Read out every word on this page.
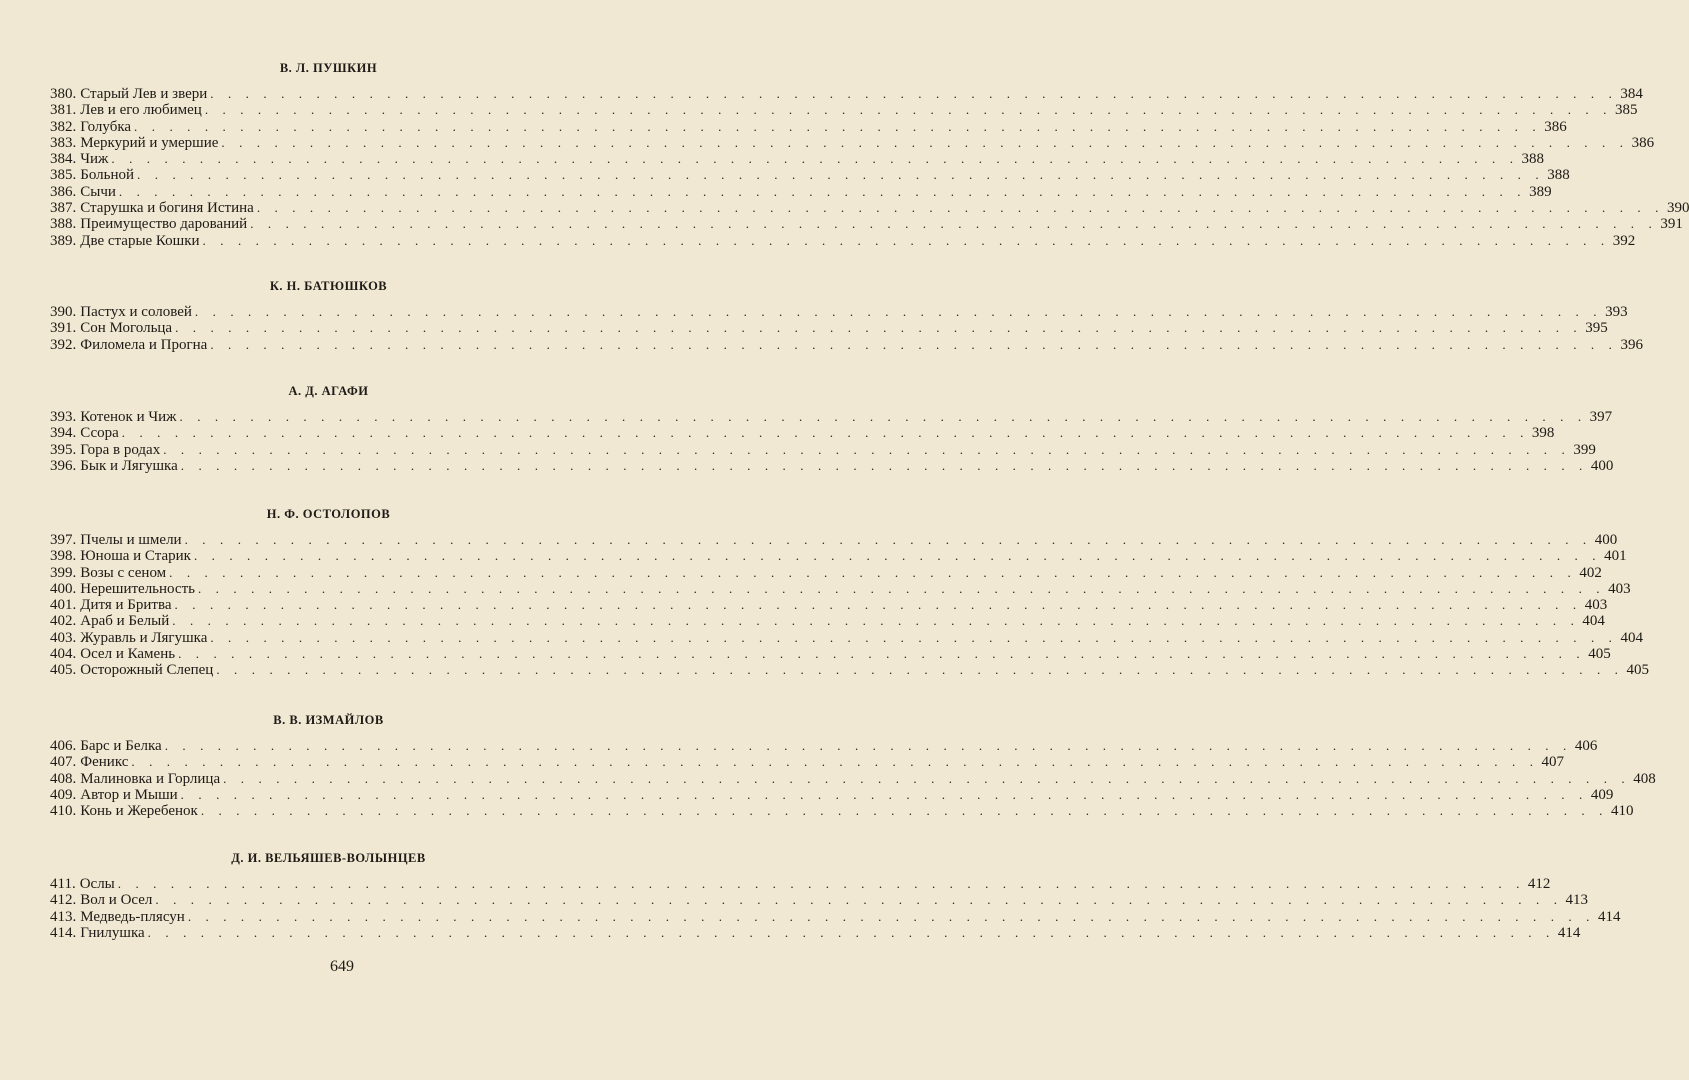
В. Л. ПУШКИН
380. Старый Лев и звери . . . . . . . . . . . . . . . . . . . . . . . . . . . . . . . . . . . . . . . . . . . . . . . . . . . . . . . . . . . . . . . . . . . . . . . . . . . . . . . . 384
381. Лев и его любимец . . . . . . . . . . . . . . . . . . . . . . . . . . . . . . . . . . . . . . . . . . . . . . . . . . . . . . . . . . . . . . . . . . . . . . . . . . . . . . . . 385
382. Голубка . . . . . . . . . . . . . . . . . . . . . . . . . . . . . . . . . . . . . . . . . . . . . . . . . . . . . . . . . . . . . . . . . . . . . . . . . . . . . . . . 386
383. Меркурий и умершие . . . . . . . . . . . . . . . . . . . . . . . . . . . . . . . . . . . . . . . . . . . . . . . . . . . . . . . . . . . . . . . . . . . . . . . . . . . . . . . . 386
384. Чиж . . . . . . . . . . . . . . . . . . . . . . . . . . . . . . . . . . . . . . . . . . . . . . . . . . . . . . . . . . . . . . . . . . . . . . . . . . . . . . . . 388
385. Больной . . . . . . . . . . . . . . . . . . . . . . . . . . . . . . . . . . . . . . . . . . . . . . . . . . . . . . . . . . . . . . . . . . . . . . . . . . . . . . . . 388
386. Сычи . . . . . . . . . . . . . . . . . . . . . . . . . . . . . . . . . . . . . . . . . . . . . . . . . . . . . . . . . . . . . . . . . . . . . . . . . . . . . . . . 389
387. Старушка и богиня Истина . . . . . . . . . . . . . . . . . . . . . . . . . . . . . . . . . . . . . . . . . . . . . . . . . . . . . . . . . . . . . . . . . . . . . . . . . . . . . . . . 390
388. Преимущество дарований . . . . . . . . . . . . . . . . . . . . . . . . . . . . . . . . . . . . . . . . . . . . . . . . . . . . . . . . . . . . . . . . . . . . . . . . . . . . . . . . 391
389. Две старые Кошки . . . . . . . . . . . . . . . . . . . . . . . . . . . . . . . . . . . . . . . . . . . . . . . . . . . . . . . . . . . . . . . . . . . . . . . . . . . . . . . . 392
К. Н. БАТЮШКОВ
390. Пастух и соловей . . . . . . . . . . . . . . . . . . . . . . . . . . . . . . . . . . . . . . . . . . . . . . . . . . . . . . . . . . . . . . . . . . . . . . . . . . . . . . . . 393
391. Сон Могольца . . . . . . . . . . . . . . . . . . . . . . . . . . . . . . . . . . . . . . . . . . . . . . . . . . . . . . . . . . . . . . . . . . . . . . . . . . . . . . . . 395
392. Филомела и Прогна . . . . . . . . . . . . . . . . . . . . . . . . . . . . . . . . . . . . . . . . . . . . . . . . . . . . . . . . . . . . . . . . . . . . . . . . . . . . . . . . 396
А. Д. АГАФИ
393. Котенок и Чиж . . . . . . . . . . . . . . . . . . . . . . . . . . . . . . . . . . . . . . . . . . . . . . . . . . . . . . . . . . . . . . . . . . . . . . . . . . . . . . . . 397
394. Ссора . . . . . . . . . . . . . . . . . . . . . . . . . . . . . . . . . . . . . . . . . . . . . . . . . . . . . . . . . . . . . . . . . . . . . . . . . . . . . . . . 398
395. Гора в родах . . . . . . . . . . . . . . . . . . . . . . . . . . . . . . . . . . . . . . . . . . . . . . . . . . . . . . . . . . . . . . . . . . . . . . . . . . . . . . . . 399
396. Бык и Лягушка . . . . . . . . . . . . . . . . . . . . . . . . . . . . . . . . . . . . . . . . . . . . . . . . . . . . . . . . . . . . . . . . . . . . . . . . . . . . . . . . 400
Н. Ф. ОСТОЛОПОВ
397. Пчелы и шмели . . . . . . . . . . . . . . . . . . . . . . . . . . . . . . . . . . . . . . . . . . . . . . . . . . . . . . . . . . . . . . . . . . . . . . . . . . . . . . . . 400
398. Юноша и Старик . . . . . . . . . . . . . . . . . . . . . . . . . . . . . . . . . . . . . . . . . . . . . . . . . . . . . . . . . . . . . . . . . . . . . . . . . . . . . . . . 401
399. Возы с сеном . . . . . . . . . . . . . . . . . . . . . . . . . . . . . . . . . . . . . . . . . . . . . . . . . . . . . . . . . . . . . . . . . . . . . . . . . . . . . . . . 402
400. Нерешительность . . . . . . . . . . . . . . . . . . . . . . . . . . . . . . . . . . . . . . . . . . . . . . . . . . . . . . . . . . . . . . . . . . . . . . . . . . . . . . . . 403
401. Дитя и Бритва . . . . . . . . . . . . . . . . . . . . . . . . . . . . . . . . . . . . . . . . . . . . . . . . . . . . . . . . . . . . . . . . . . . . . . . . . . . . . . . . 403
402. Араб и Белый . . . . . . . . . . . . . . . . . . . . . . . . . . . . . . . . . . . . . . . . . . . . . . . . . . . . . . . . . . . . . . . . . . . . . . . . . . . . . . . . 404
403. Журавль и Лягушка . . . . . . . . . . . . . . . . . . . . . . . . . . . . . . . . . . . . . . . . . . . . . . . . . . . . . . . . . . . . . . . . . . . . . . . . . . . . . . . . 404
404. Осел и Камень . . . . . . . . . . . . . . . . . . . . . . . . . . . . . . . . . . . . . . . . . . . . . . . . . . . . . . . . . . . . . . . . . . . . . . . . . . . . . . . . 405
405. Осторожный Слепец . . . . . . . . . . . . . . . . . . . . . . . . . . . . . . . . . . . . . . . . . . . . . . . . . . . . . . . . . . . . . . . . . . . . . . . . . . . . . . . . 405
В. В. ИЗМАЙЛОВ
406. Барс и Белка . . . . . . . . . . . . . . . . . . . . . . . . . . . . . . . . . . . . . . . . . . . . . . . . . . . . . . . . . . . . . . . . . . . . . . . . . . . . . . . . 406
407. Феникс . . . . . . . . . . . . . . . . . . . . . . . . . . . . . . . . . . . . . . . . . . . . . . . . . . . . . . . . . . . . . . . . . . . . . . . . . . . . . . . . 407
408. Малиновка и Горлица . . . . . . . . . . . . . . . . . . . . . . . . . . . . . . . . . . . . . . . . . . . . . . . . . . . . . . . . . . . . . . . . . . . . . . . . . . . . . . . . 408
409. Автор и Мыши . . . . . . . . . . . . . . . . . . . . . . . . . . . . . . . . . . . . . . . . . . . . . . . . . . . . . . . . . . . . . . . . . . . . . . . . . . . . . . . . 409
410. Конь и Жеребенок . . . . . . . . . . . . . . . . . . . . . . . . . . . . . . . . . . . . . . . . . . . . . . . . . . . . . . . . . . . . . . . . . . . . . . . . . . . . . . . . 410
Д. И. ВЕЛЬЯШЕВ-ВОЛЫНЦЕВ
411. Ослы . . . . . . . . . . . . . . . . . . . . . . . . . . . . . . . . . . . . . . . . . . . . . . . . . . . . . . . . . . . . . . . . . . . . . . . . . . . . . . . . 412
412. Вол и Осел . . . . . . . . . . . . . . . . . . . . . . . . . . . . . . . . . . . . . . . . . . . . . . . . . . . . . . . . . . . . . . . . . . . . . . . . . . . . . . . . 413
413. Медведь-плясун . . . . . . . . . . . . . . . . . . . . . . . . . . . . . . . . . . . . . . . . . . . . . . . . . . . . . . . . . . . . . . . . . . . . . . . . . . . . . . . . 414
414. Гнилушка . . . . . . . . . . . . . . . . . . . . . . . . . . . . . . . . . . . . . . . . . . . . . . . . . . . . . . . . . . . . . . . . . . . . . . . . . . . . . . . . 414
649
